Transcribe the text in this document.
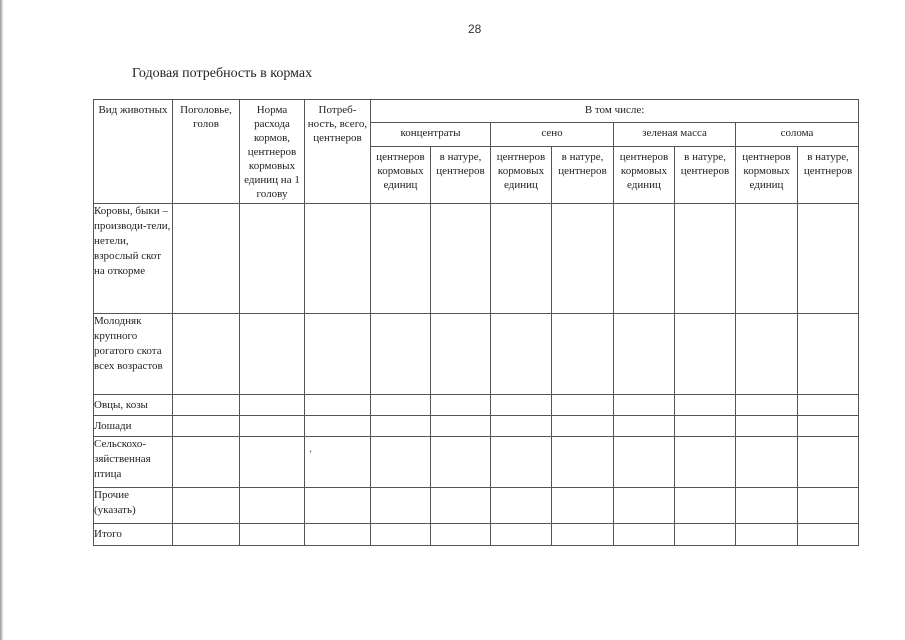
28
Годовая потребность в кормах
Вид животных	Поголовье, голов	Норма расхода кормов, центнеров кормовых единиц на 1 голову	Потреб-ность, всего, центнеров	В том числе:							
				концентраты		сено		зеленая масса		солома	
				центнеров кормовых единиц	в натуре, центнеров	центнеров кормовых единиц	в натуре, центнеров	центнеров кормовых единиц	в натуре, центнеров	центнеров кормовых единиц	в натуре, центнеров
Коровы, быки – производи-тели, нетели, взрослый скот на откорме											
Молодняк крупного рогатого скота всех возрастов											
Овцы, козы											
Лошади											
Сельскохо-зяйственная птица											
Прочие (указать)											
Итого											
’
